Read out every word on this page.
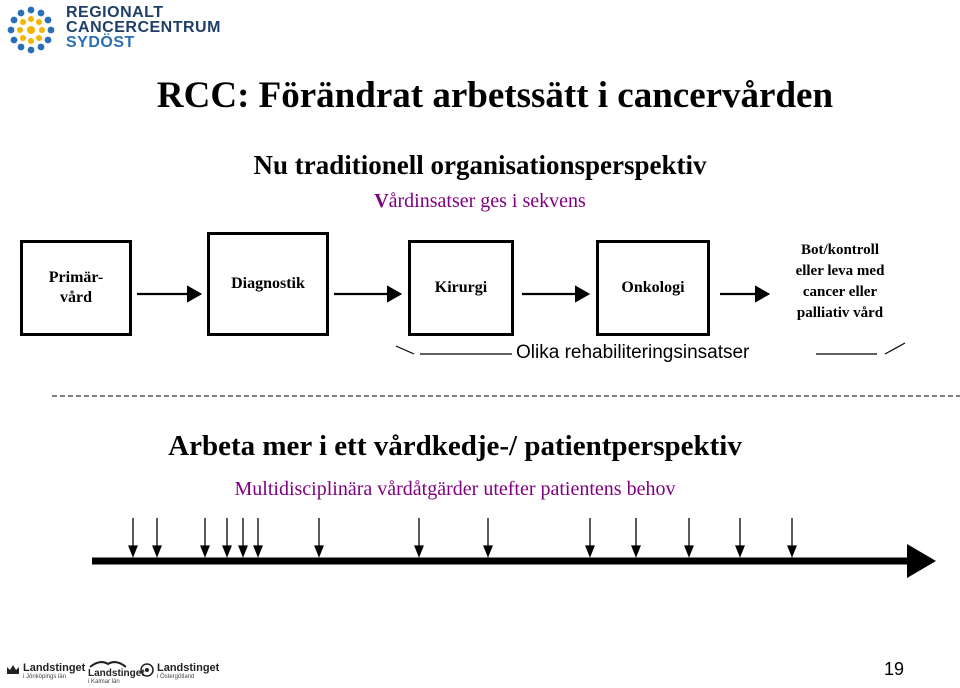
REGIONALT
CANCERCENTRUM
SYDÖST
RCC: Förändrat arbetssätt i cancervården
Nu traditionell organisationsperspektiv
Vårdinsatser ges i sekvens
Primär-
vård
Diagnostik	Kirurgi	Onkologi
Bot/kontroll
eller leva med
cancer eller
palliativ vård
Olika rehabiliteringsinsatser
Arbeta mer i ett vårdkedje-/ patientperspektiv
Multidisciplinära vårdåtgärder utefter patientens behov
Landstinget
i Jönköpings län	Landstinget
i Kalmar län
Landstinget
i Östergötland	19
